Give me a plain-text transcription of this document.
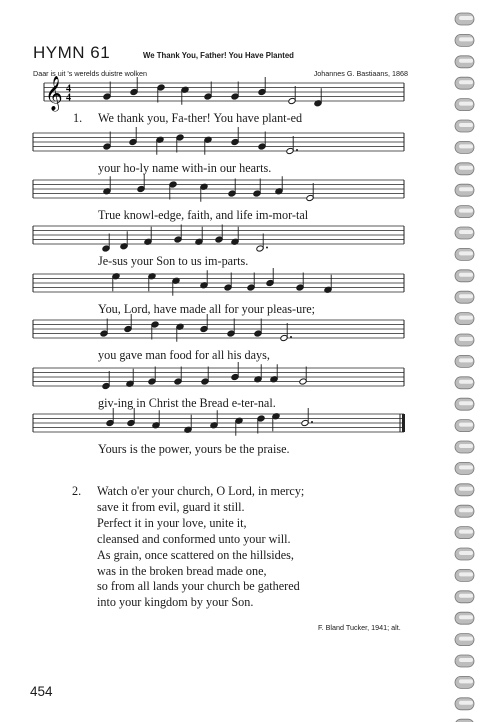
HYMN 61	We Thank You, Father! You Have Planted
Daar is uit 's werelds duistre wolken	Johannes G. Bastiaans, 1868
𝄞 4
4
1. We thank you, Fa-ther! You have plant-ed
your ho-ly name with-in our hearts.
True knowl-edge, faith, and life im-mor-tal
Je-sus your Son to us im-parts.
You, Lord, have made all for your pleas-ure;
you gave man food for all his days,
giv-ing in Christ the Bread e-ter-nal.
Yours is the power, yours be the praise.
2. Watch o'er your church, O Lord, in mercy;
save it from evil, guard it still.
Perfect it in your love, unite it,
cleansed and conformed unto your will.
As grain, once scattered on the hillsides,
was in the broken bread made one,
so from all lands your church be gathered
into your kingdom by your Son.
F. Bland Tucker, 1941; alt.
454
